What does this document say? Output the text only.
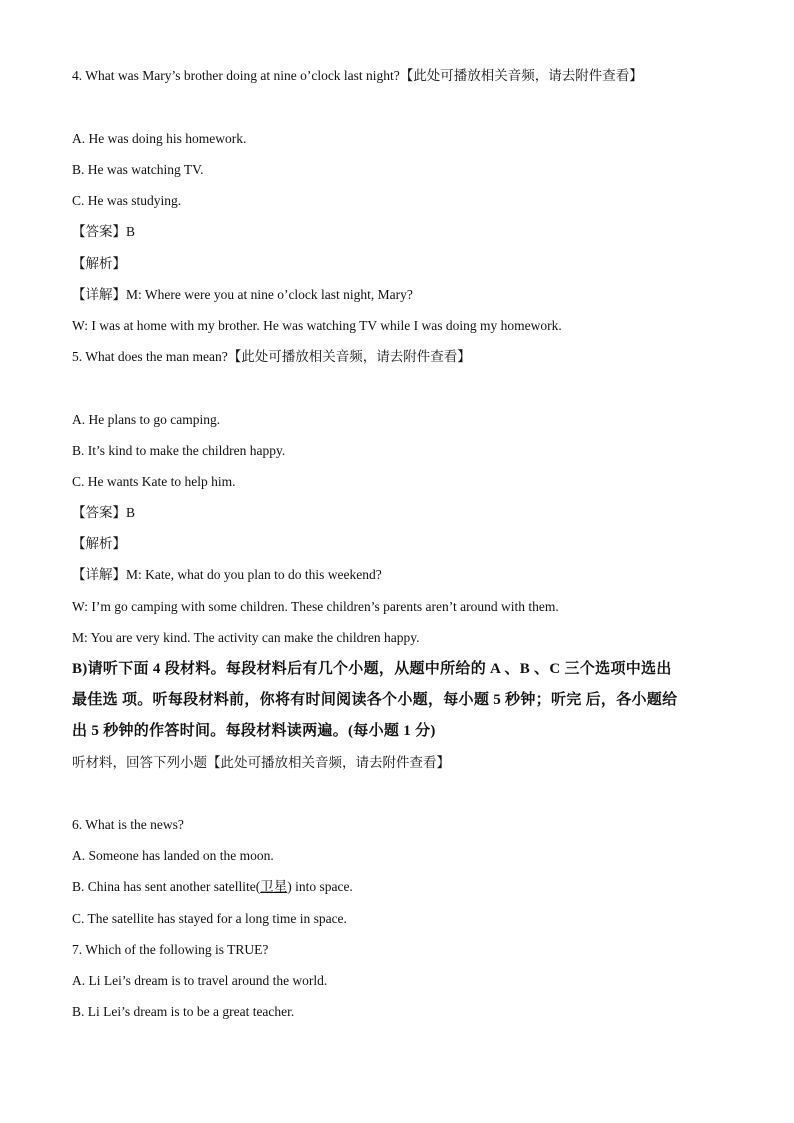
4. What was Mary’s brother doing at nine o’clock last night?【此处可播放相关音频，请去附件查看】
A. He was doing his homework.
B. He was watching TV.
C. He was studying.
【答案】B
【解析】
【详解】M: Where were you at nine o’clock last night, Mary?
W: I was at home with my brother. He was watching TV while I was doing my homework.
5. What does the man mean?【此处可播放相关音频，请去附件查看】
A. He plans to go camping.
B. It’s kind to make the children happy.
C. He wants Kate to help him.
【答案】B
【解析】
【详解】M: Kate, what do you plan to do this weekend?
W: I’m go camping with some children. These children’s parents aren’t around with them.
M: You are very kind. The activity can make the children happy.
B)请听下面 4 段材料。每段材料后有几个小题，从题中所给的 A 、B 、C 三个选项中选出
最佳选 项。听每段材料前，你将有时间阅读各个小题，每小题 5 秒钟；听完 后，各小题给
出 5 秒钟的作答时间。每段材料读两遍。(每小题 1 分)
听材料，回答下列小题【此处可播放相关音频，请去附件查看】
6. What is the news?
A. Someone has landed on the moon.
B. China has sent another satellite(卫星) into space.
C. The satellite has stayed for a long time in space.
7. Which of the following is TRUE?
A. Li Lei’s dream is to travel around the world.
B. Li Lei’s dream is to be a great teacher.
